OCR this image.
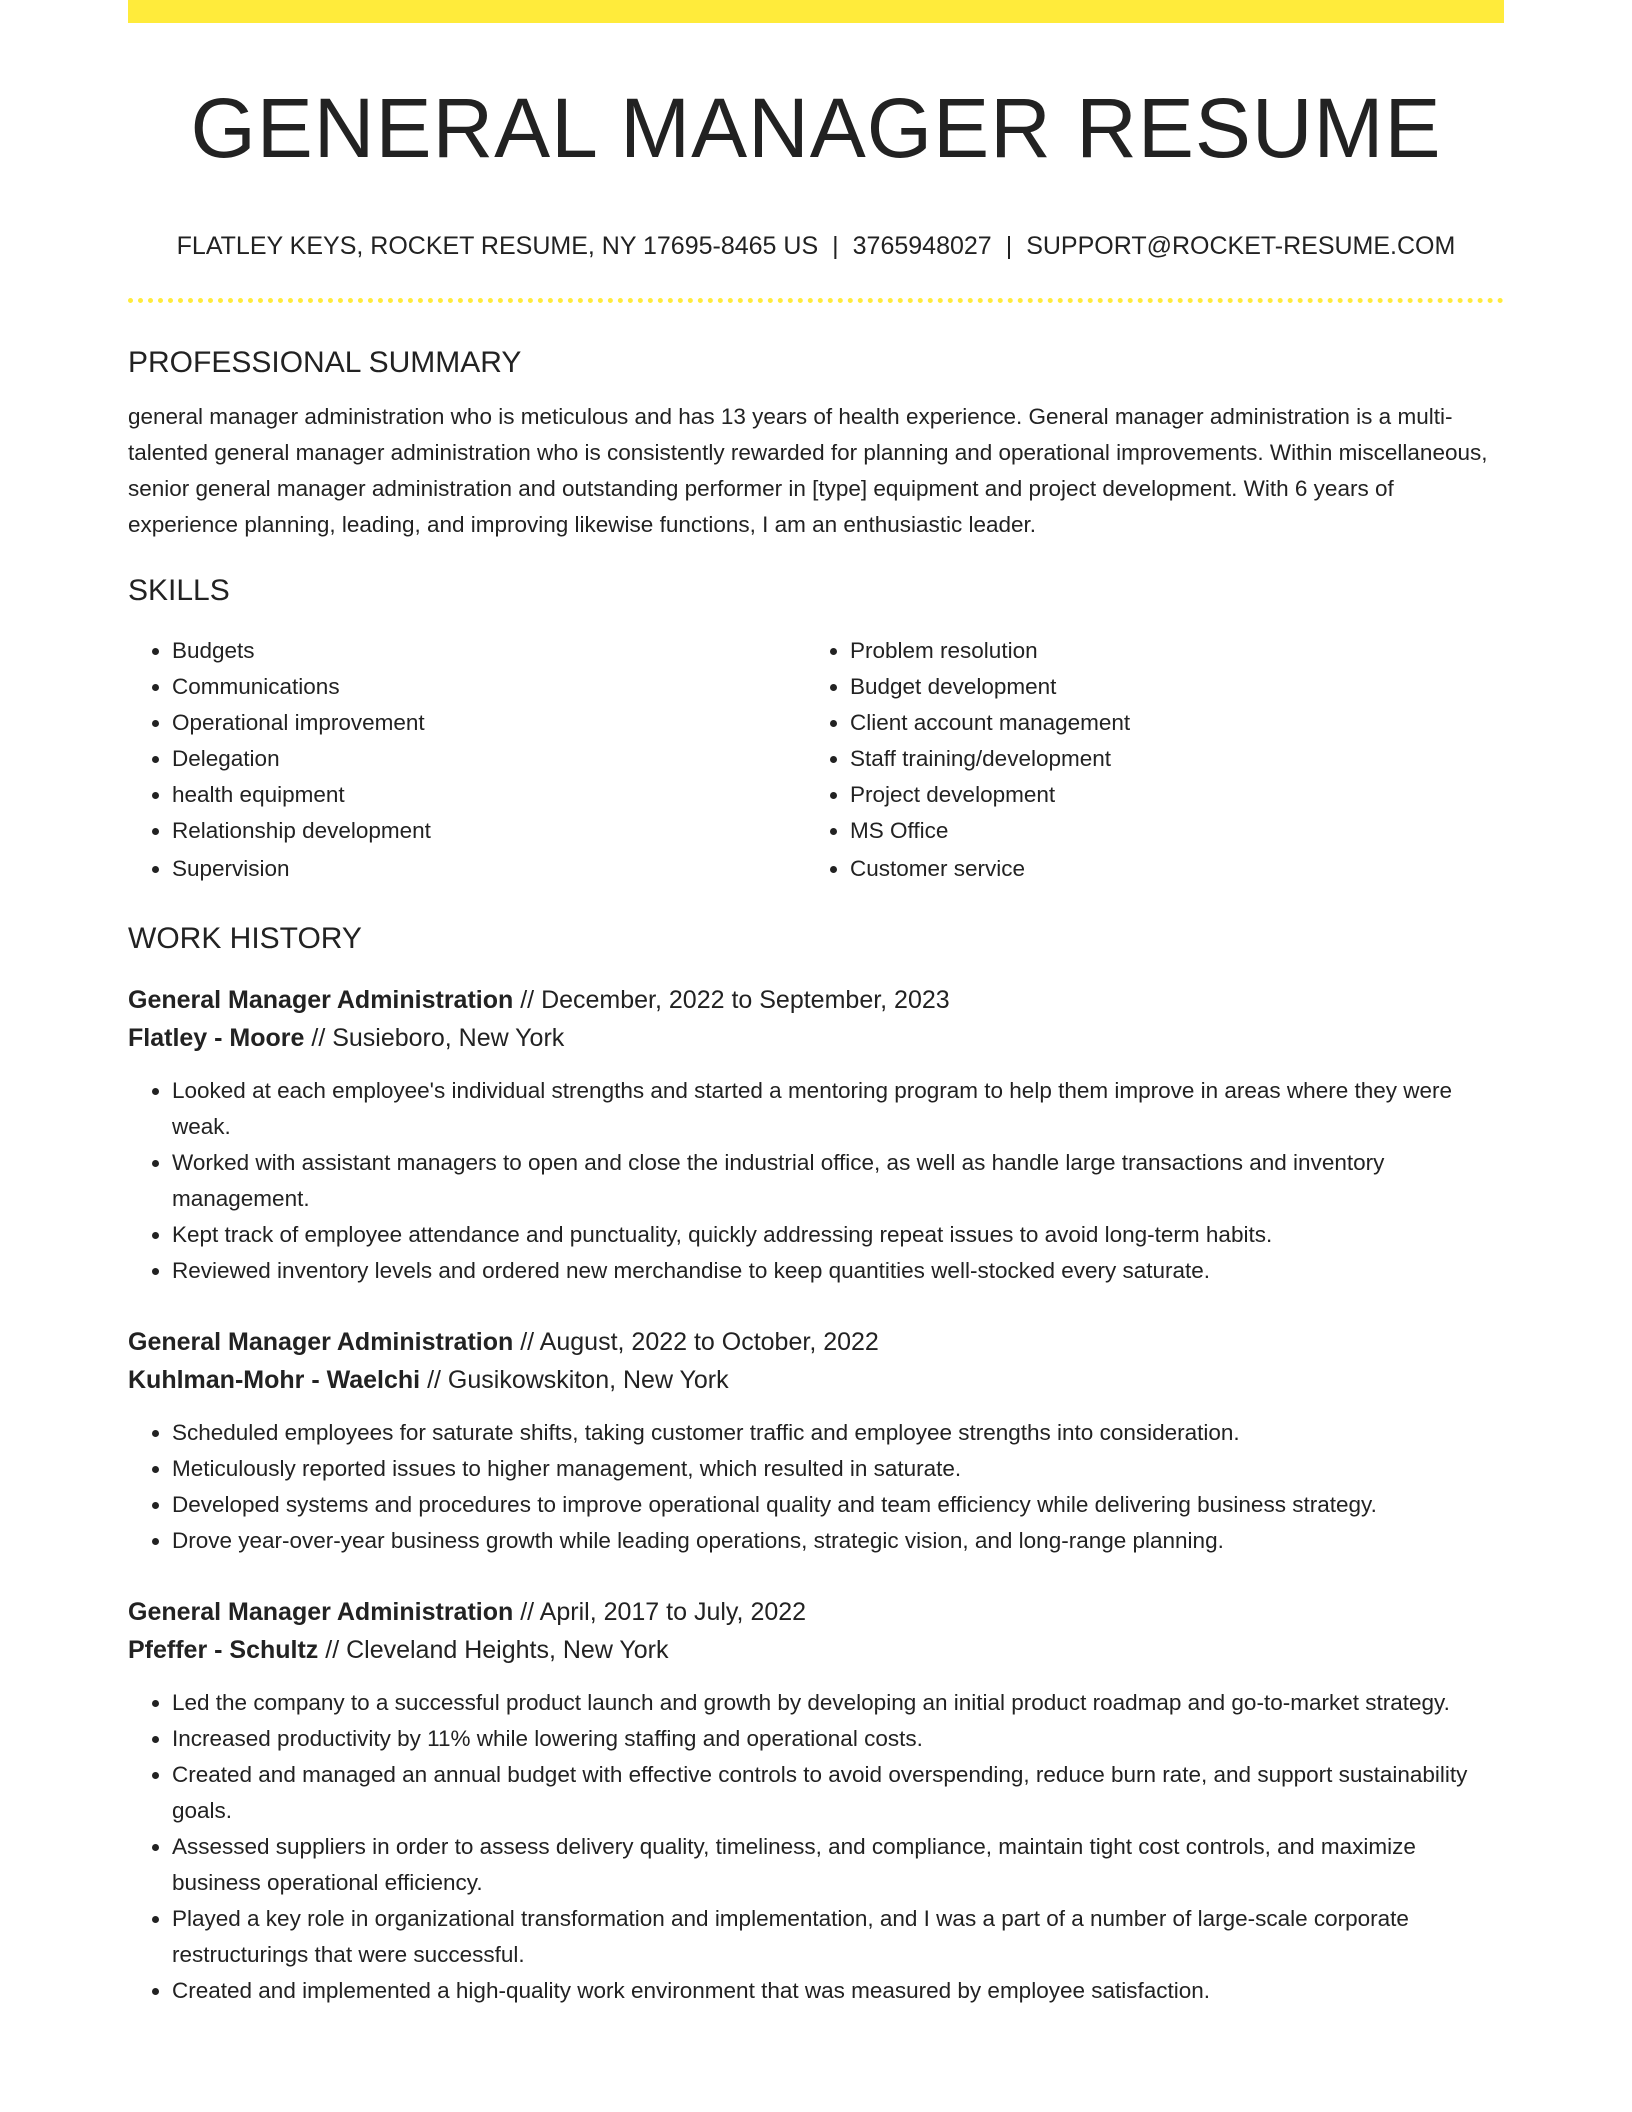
GENERAL MANAGER RESUME
FLATLEY KEYS, ROCKET RESUME, NY 17695-8465 US | 3765948027 | SUPPORT@ROCKET-RESUME.COM
PROFESSIONAL SUMMARY
general manager administration who is meticulous and has 13 years of health experience. General manager administration is a multi-talented general manager administration who is consistently rewarded for planning and operational improvements. Within miscellaneous, senior general manager administration and outstanding performer in [type] equipment and project development. With 6 years of experience planning, leading, and improving likewise functions, I am an enthusiastic leader.
SKILLS
• Budgets
• Communications
• Operational improvement
• Delegation
• health equipment
• Relationship development
• Supervision
• Problem resolution
• Budget development
• Client account management
• Staff training/development
• Project development
• MS Office
• Customer service
WORK HISTORY
General Manager Administration // December, 2022 to September, 2023
Flatley - Moore // Susieboro, New York
• Looked at each employee's individual strengths and started a mentoring program to help them improve in areas where they were weak.
• Worked with assistant managers to open and close the industrial office, as well as handle large transactions and inventory management.
• Kept track of employee attendance and punctuality, quickly addressing repeat issues to avoid long-term habits.
• Reviewed inventory levels and ordered new merchandise to keep quantities well-stocked every saturate.
General Manager Administration // August, 2022 to October, 2022
Kuhlman-Mohr - Waelchi // Gusikowskiton, New York
• Scheduled employees for saturate shifts, taking customer traffic and employee strengths into consideration.
• Meticulously reported issues to higher management, which resulted in saturate.
• Developed systems and procedures to improve operational quality and team efficiency while delivering business strategy.
• Drove year-over-year business growth while leading operations, strategic vision, and long-range planning.
General Manager Administration // April, 2017 to July, 2022
Pfeffer - Schultz // Cleveland Heights, New York
• Led the company to a successful product launch and growth by developing an initial product roadmap and go-to-market strategy.
• Increased productivity by 11% while lowering staffing and operational costs.
• Created and managed an annual budget with effective controls to avoid overspending, reduce burn rate, and support sustainability goals.
• Assessed suppliers in order to assess delivery quality, timeliness, and compliance, maintain tight cost controls, and maximize business operational efficiency.
• Played a key role in organizational transformation and implementation, and I was a part of a number of large-scale corporate restructurings that were successful.
• Created and implemented a high-quality work environment that was measured by employee satisfaction.
